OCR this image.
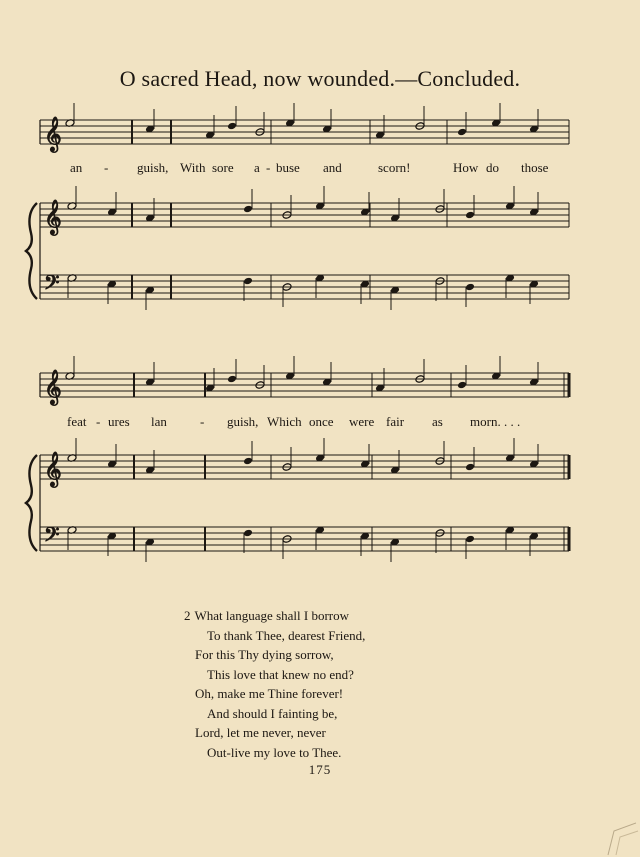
O sacred Head, now wounded.—Concluded.
𝄞
𝄞
𝄢
𝄞
𝄞
𝄢
an - guish, With sore a - buse and	scorn!	How do those
feat - ures lan	- guish, Which once were fair as morn. . . .
2 What language shall I borrow
To thank Thee, dearest Friend,
For this Thy dying sorrow,
This love that knew no end?
Oh, make me Thine forever!
And should I fainting be,
Lord, let me never, never
Out-live my love to Thee.
175
